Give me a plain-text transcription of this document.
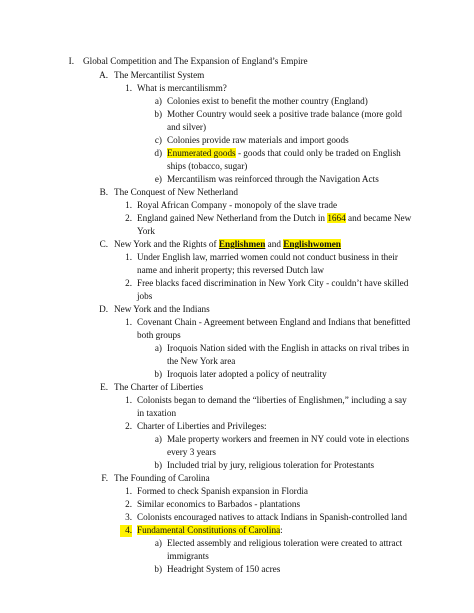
I. Global Competition and The Expansion of England’s Empire
A. The Mercantilist System
1. What is mercantilismm?
a) Colonies exist to benefit the mother country (England)
b) Mother Country would seek a positive trade balance (more gold
and silver)
c) Colonies provide raw materials and import goods
d) Enumerated goods - goods that could only be traded on English
ships (tobacco, sugar)
e) Mercantilism was reinforced through the Navigation Acts
B. The Conquest of New Netherland
1. Royal African Company - monopoly of the slave trade
2. England gained New Netherland from the Dutch in 1664 and became New
York
C. New York and the Rights of Englishmen and Englishwomen
1. Under English law, married women could not conduct business in their
name and inherit property; this reversed Dutch law
2. Free blacks faced discrimination in New York City - couldn’t have skilled
jobs
D. New York and the Indians
1. Covenant Chain - Agreement between England and Indians that benefitted
both groups
a) Iroquois Nation sided with the English in attacks on rival tribes in
the New York area
b) Iroquois later adopted a policy of neutrality
E. The Charter of Liberties
1. Colonists began to demand the “liberties of Englishmen,” including a say
in taxation
2. Charter of Liberties and Privileges:
a) Male property workers and freemen in NY could vote in elections
every 3 years
b) Included trial by jury, religious toleration for Protestants
F. The Founding of Carolina
1. Formed to check Spanish expansion in Flordia
2. Similar economics to Barbados - plantations
3. Colonists encouraged natives to attack Indians in Spanish-controlled land
4. Fundamental Constitutions of Carolina:
a) Elected assembly and religious toleration were created to attract
immigrants
b) Headright System of 150 acres
